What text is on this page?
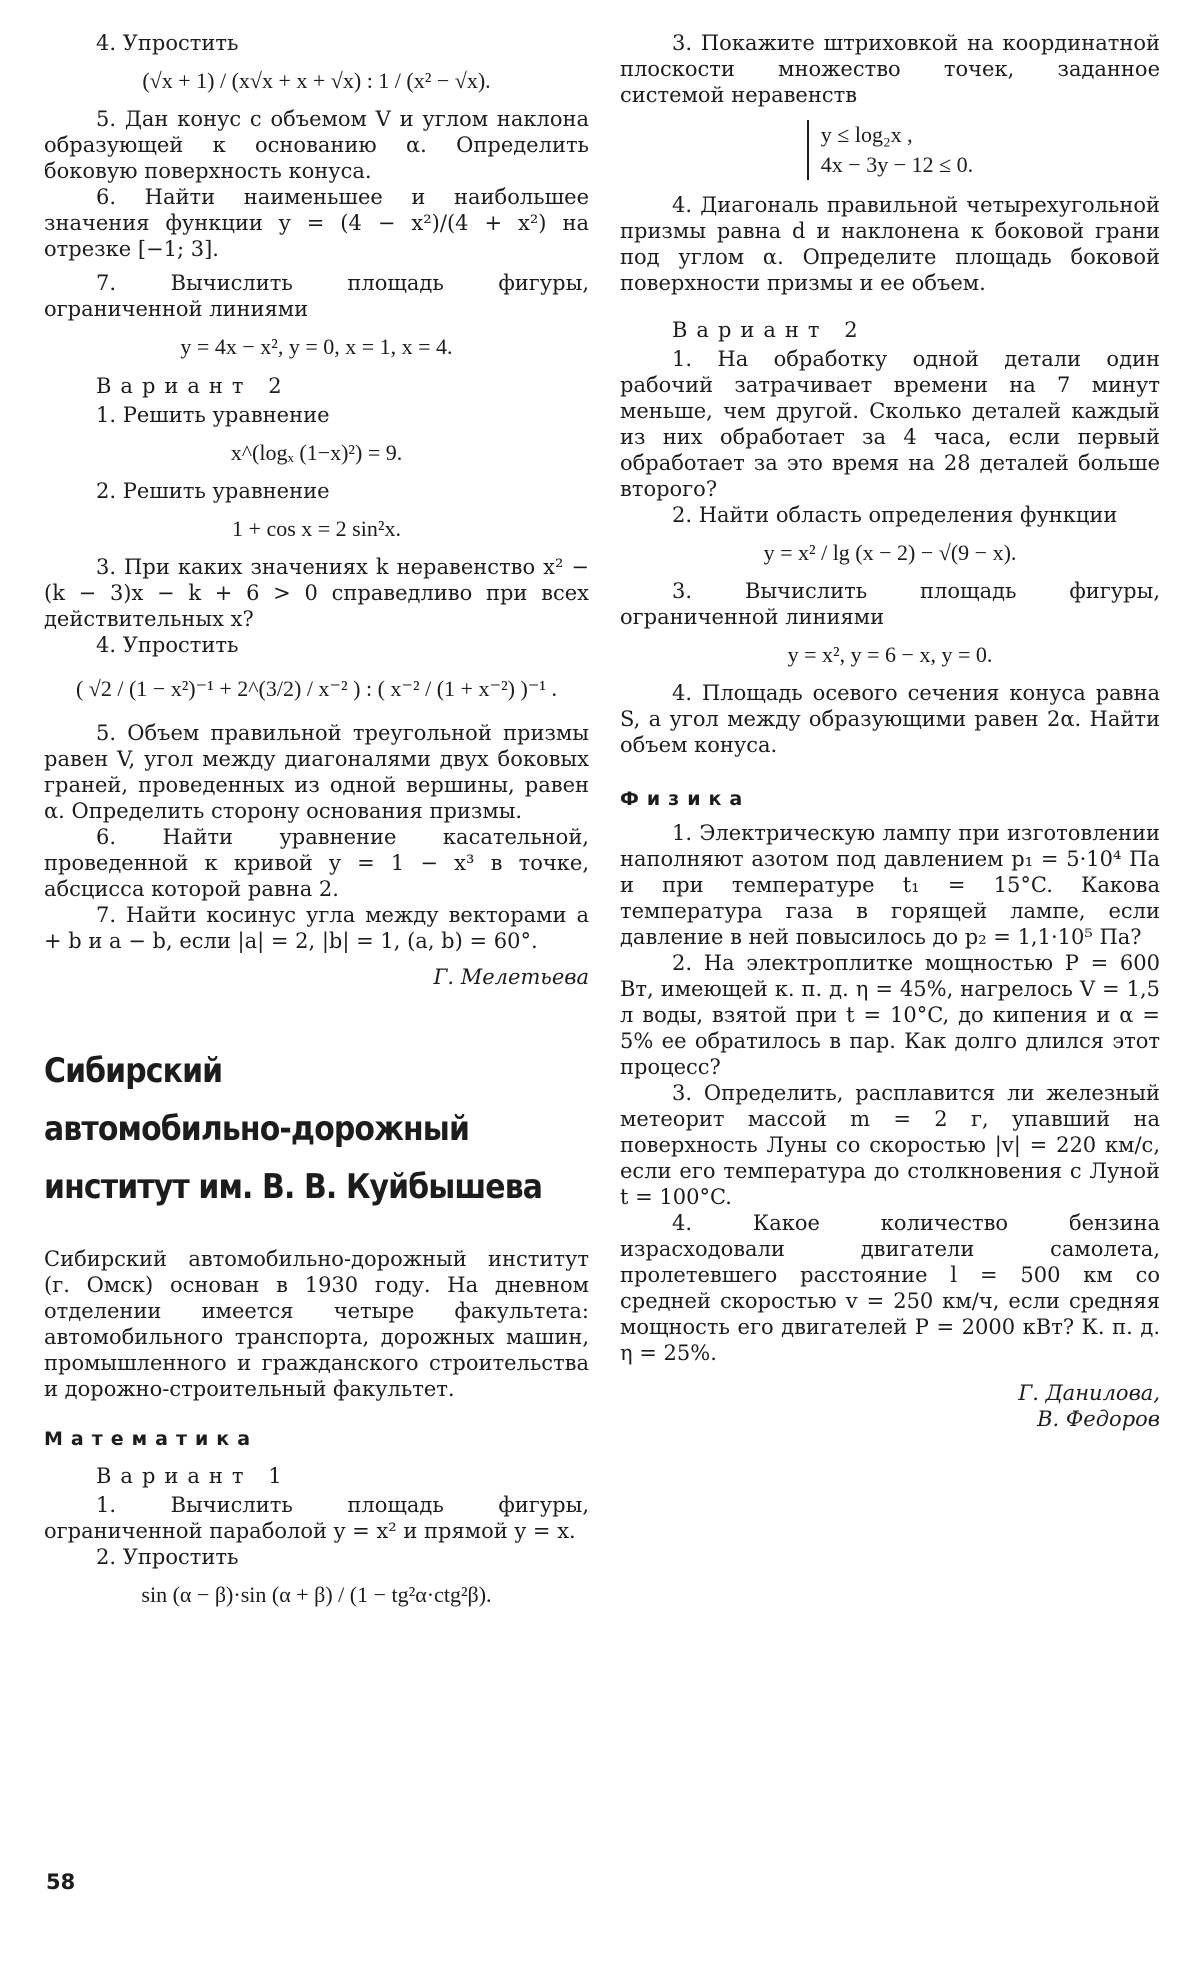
4. Упростить

(√x + 1) / (x√x + x + √x) : 1 / (x² − √x).

5. Дан конус с объемом V и углом наклона образующей к основанию α. Определить боковую поверхность конуса.

6. Найти наименьшее и наибольшее значения функции y = (4 − x²)/(4 + x²) на отрезке [−1; 3].

7. Вычислить площадь фигуры, ограниченной линиями

y = 4x − x², y = 0, x = 1, x = 4.
Вариант 2

1. Решить уравнение

x^(logₓ (1−x)²) = 9.

2. Решить уравнение

1 + cos x = 2 sin²x.

3. При каких значениях k неравенство x² − (k − 3)x − k + 6 > 0 справедливо при всех действительных x?

4. Упростить

( √2 / (1 − x²)⁻¹ + 2^(3/2) / x⁻² ) : ( x⁻² / (1 + x⁻²) )⁻¹ .

5. Объем правильной треугольной призмы равен V, угол между диагоналями двух боковых граней, проведенных из одной вершины, равен α. Определить сторону основания призмы.

6. Найти уравнение касательной, проведенной к кривой y = 1 − x³ в точке, абсцисса которой равна 2.

7. Найти косинус угла между векторами a + b и a − b, если |a| = 2, |b| = 1, (a, b) = 60°.

Г. Мелетьева
Сибирский
автомобильно-дорожный
институт им. В. В. Куйбышева

Сибирский автомобильно-дорожный институт (г. Омск) основан в 1930 году. На дневном отделении имеется четыре факультета: автомобильного транспорта, дорожных машин, промышленного и гражданского строительства и дорожно-строительный факультет.

Математика
Вариант 1

1. Вычислить площадь фигуры, ограниченной параболой y = x² и прямой y = x.

2. Упростить

sin (α − β)·sin (α + β) / (1 − tg²α·ctg²β).

3. Покажите штриховкой на координатной плоскости множество точек, заданное системой неравенств

y ≤ log₂x ,
4x − 3y − 12 ≤ 0.

4. Диагональ правильной четырехугольной призмы равна d и наклонена к боковой грани под углом α. Определите площадь боковой поверхности призмы и ее объем.

Вариант 2

1. На обработку одной детали один рабочий затрачивает времени на 7 минут меньше, чем другой. Сколько деталей каждый из них обработает за 4 часа, если первый обработает за это время на 28 деталей больше второго?

2. Найти область определения функции

y = x² / lg (x − 2) − √(9 − x).

3. Вычислить площадь фигуры, ограниченной линиями

y = x², y = 6 − x, y = 0.

4. Площадь осевого сечения конуса равна S, а угол между образующими равен 2α. Найти объем конуса.

Физика

1. Электрическую лампу при изготовлении наполняют азотом под давлением p₁ = 5·10⁴ Па и при температуре t₁ = 15°C. Какова температура газа в горящей лампе, если давление в ней повысилось до p₂ = 1,1·10⁵ Па?

2. На электроплитке мощностью P = 600 Вт, имеющей к. п. д. η = 45%, нагрелось V = 1,5 л воды, взятой при t = 10°C, до кипения и α = 5% ее обратилось в пар. Как долго длился этот процесс?

3. Определить, расплавится ли железный метеорит массой m = 2 г, упавший на поверхность Луны со скоростью |v| = 220 км/с, если его температура до столкновения с Луной t = 100°C.

4. Какое количество бензина израсходовали двигатели самолета, пролетевшего расстояние l = 500 км со средней скоростью v = 250 км/ч, если средняя мощность его двигателей P = 2000 кВт? К. п. д. η = 25%.

Г. Данилова,
В. Федоров
58
